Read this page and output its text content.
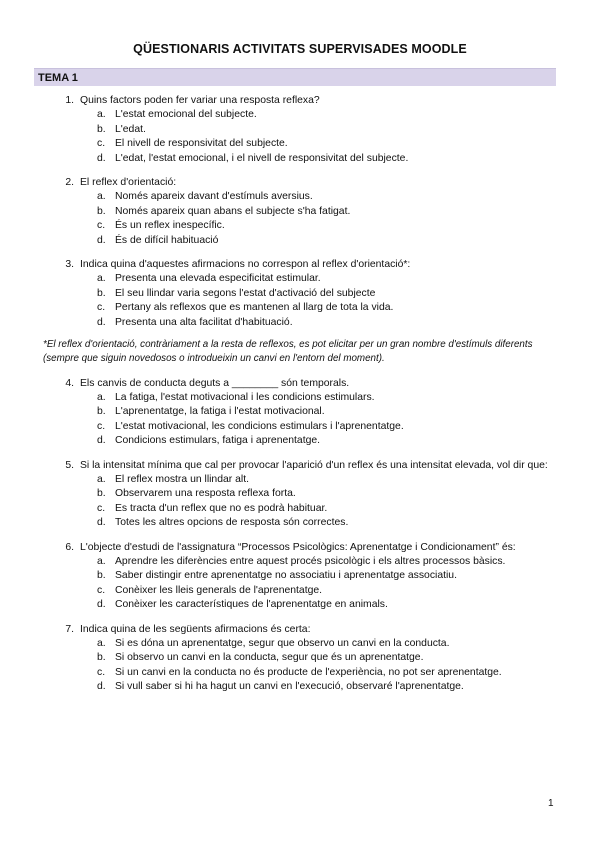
QÜESTIONARIS ACTIVITATS SUPERVISADES MOODLE
TEMA 1
1. Quins factors poden fer variar una resposta reflexa?
a. L'estat emocional del subjecte.
b. L'edat.
c. El nivell de responsivitat del subjecte.
d. L'edat, l'estat emocional, i el nivell de responsivitat del subjecte.
2. El reflex d'orientació:
a. Només apareix davant d'estímuls aversius.
b. Només apareix quan abans el subjecte s'ha fatigat.
c. És un reflex inespecífic.
d. És de difícil habituació
3. Indica quina d'aquestes afirmacions no correspon al reflex d'orientació*:
a. Presenta una elevada especificitat estimular.
b. El seu llindar varia segons l'estat d'activació del subjecte
c. Pertany als reflexos que es mantenen al llarg de tota la vida.
d. Presenta una alta facilitat d'habituació.
*El reflex d'orientació, contràriament a la resta de reflexos, es pot elicitar per un gran nombre d'estímuls diferents (sempre que siguin novedosos o introdueixin un canvi en l'entorn del moment).
4. Els canvis de conducta deguts a ________ són temporals.
a. La fatiga, l'estat motivacional i les condicions estimulars.
b. L'aprenentatge, la fatiga i l'estat motivacional.
c. L'estat motivacional, les condicions estimulars i l'aprenentatge.
d. Condicions estimulars, fatiga i aprenentatge.
5. Si la intensitat mínima que cal per provocar l'aparició d'un reflex és una intensitat elevada, vol dir que:
a. El reflex mostra un llindar alt.
b. Observarem una resposta reflexa forta.
c. Es tracta d'un reflex que no es podrà habituar.
d. Totes les altres opcions de resposta són correctes.
6. L'objecte d'estudi de l'assignatura “Processos Psicològics: Aprenentatge i Condicionament” és:
a. Aprendre les diferències entre aquest procés psicològic i els altres processos bàsics.
b. Saber distingir entre aprenentatge no associatiu i aprenentatge associatiu.
c. Conèixer les lleis generals de l'aprenentatge.
d. Conèixer les característiques de l'aprenentatge en animals.
7. Indica quina de les següents afirmacions és certa:
a. Si es dóna un aprenentatge, segur que observo un canvi en la conducta.
b. Si observo un canvi en la conducta, segur que és un aprenentatge.
c. Si un canvi en la conducta no és producte de l'experiència, no pot ser aprenentatge.
d. Si vull saber si hi ha hagut un canvi en l'execució, observaré l'aprenentatge.
1
